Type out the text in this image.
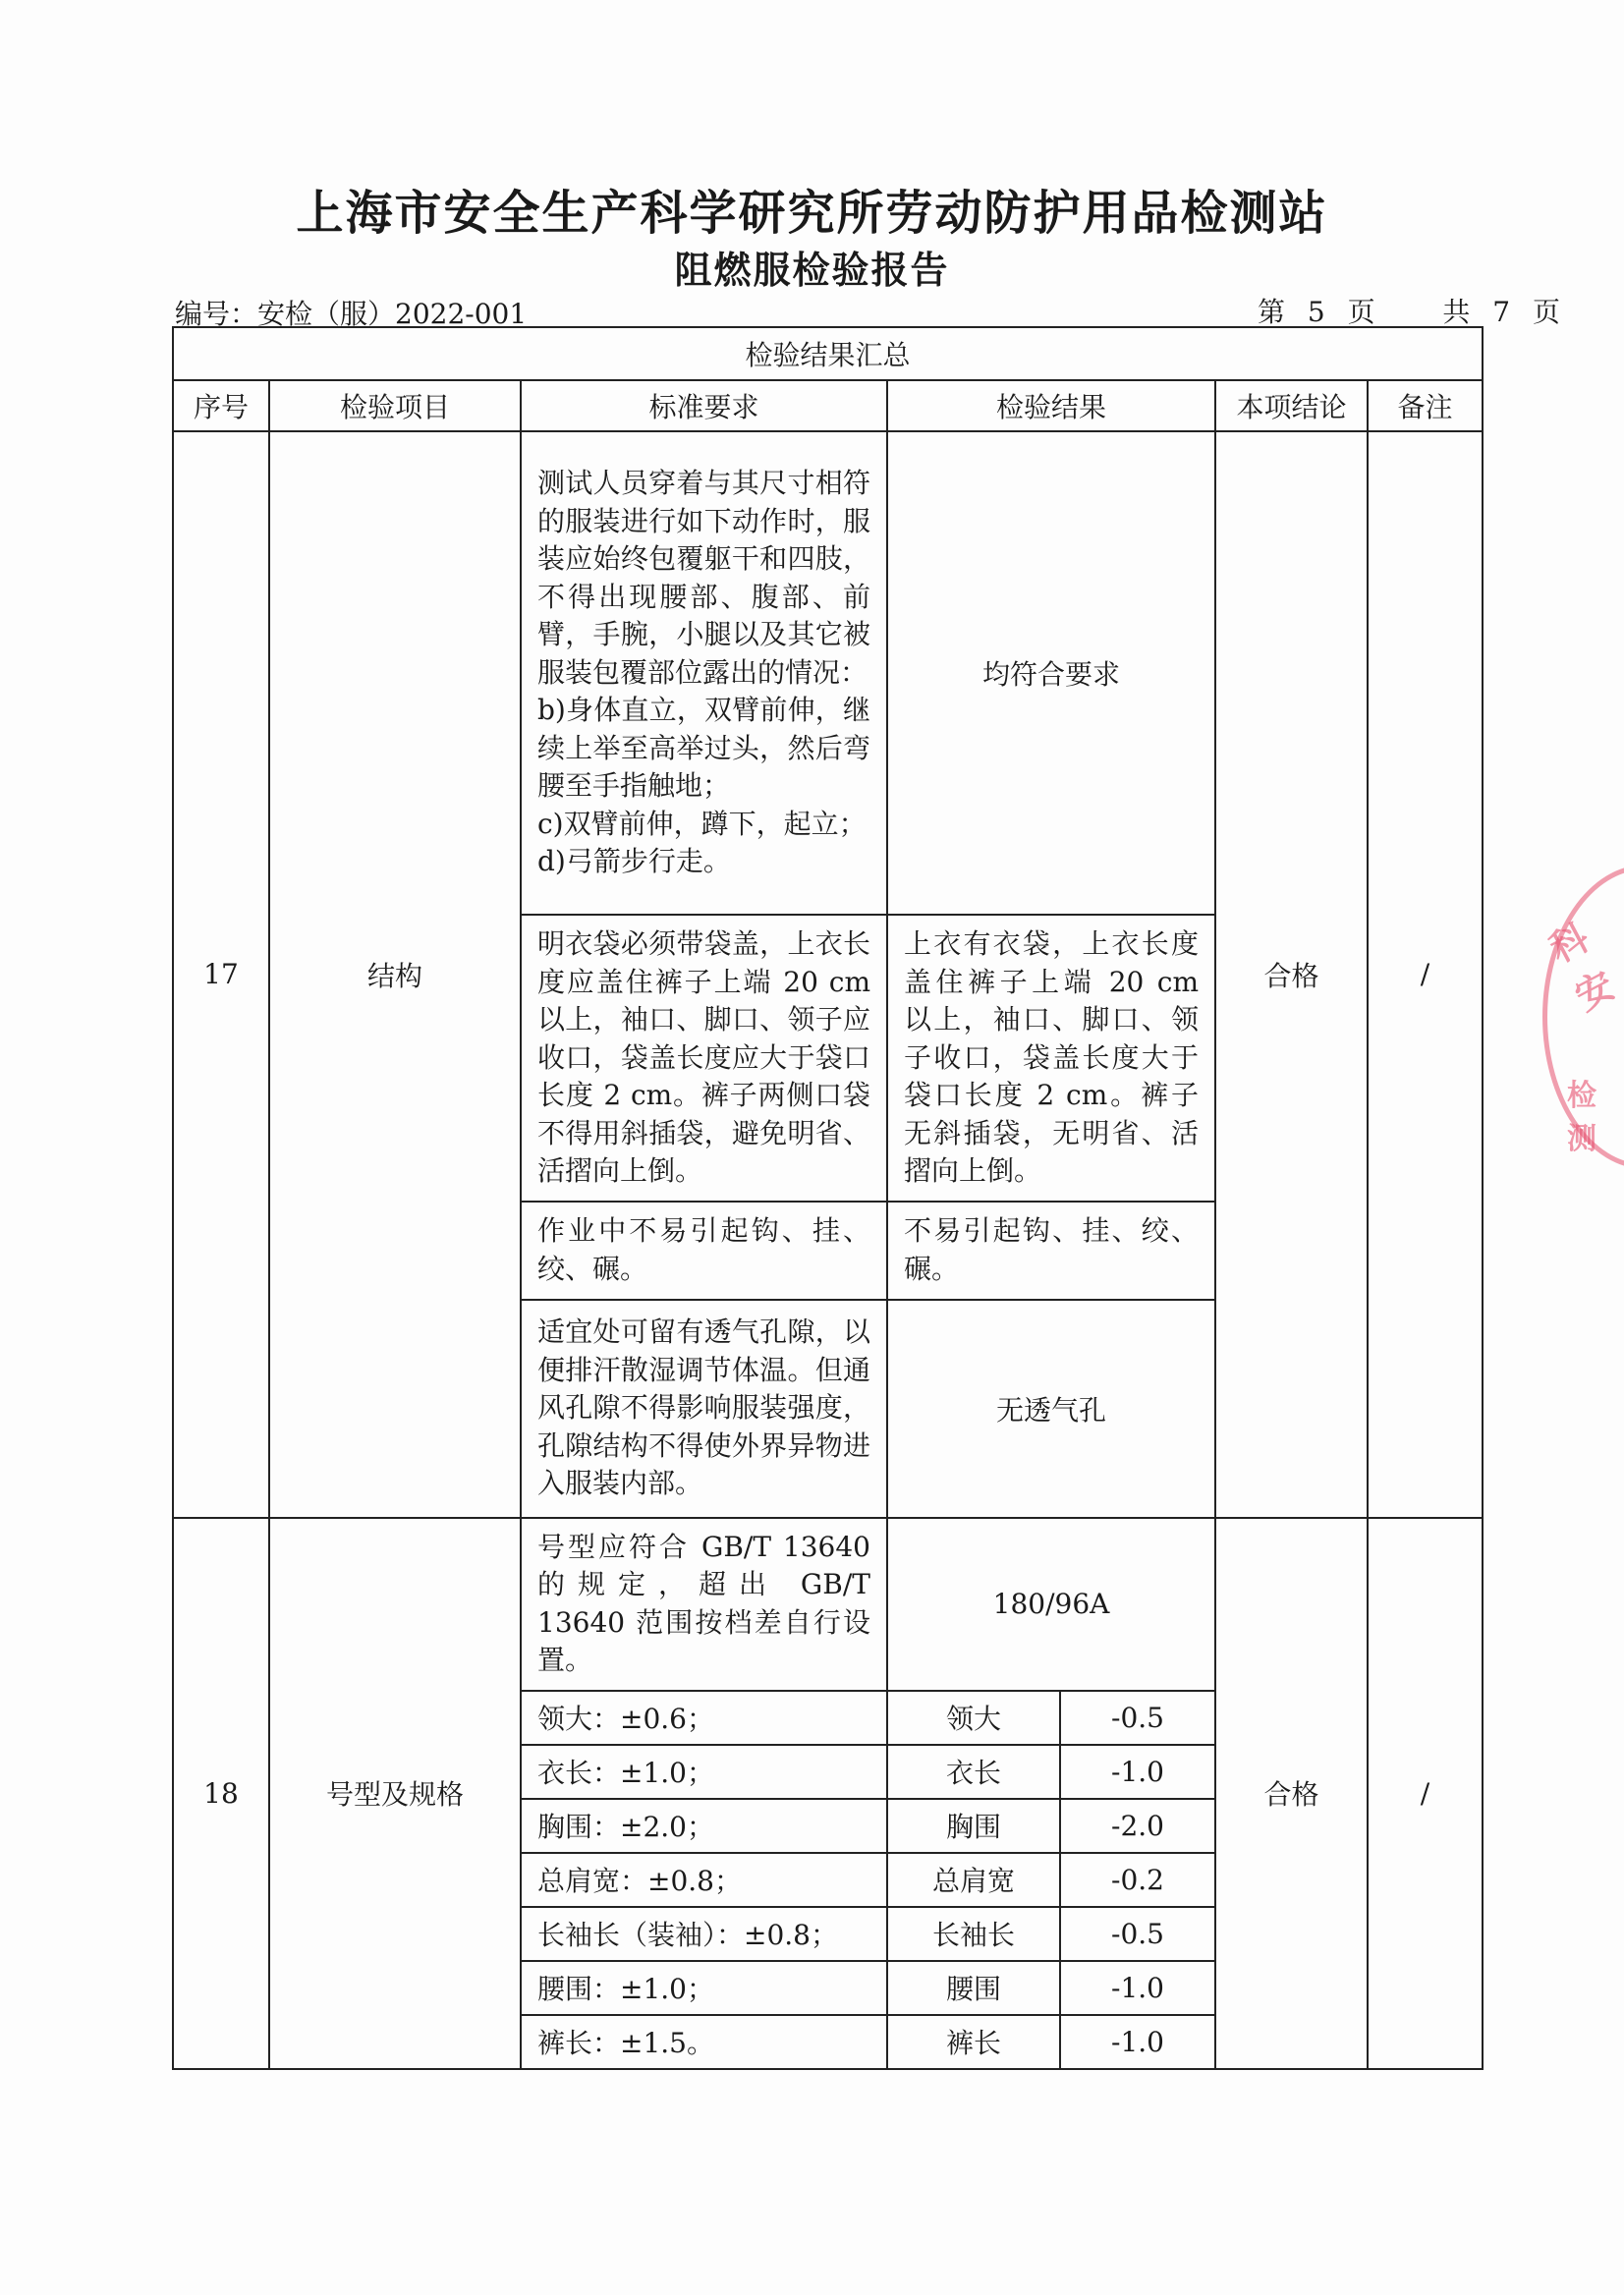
上海市安全生产科学研究所劳动防护用品检测站
阻燃服检验报告
编号：安检（服）2022-001	第 5 页 共 7 页
检验结果汇总						
序号	检验项目	标准要求	检验结果		本项结论	备注
17	结构	测试人员穿着与其尺寸相符的服装进行如下动作时，服装应始终包覆躯干和四肢，不得出现腰部、腹部、前臂，手腕，小腿以及其它被服装包覆部位露出的情况：
b)身体直立，双臂前伸，继续上举至高举过头，然后弯腰至手指触地；
c)双臂前伸，蹲下，起立；
d)弓箭步行走。	均符合要求		合格	/
		明衣袋必须带袋盖，上衣长度应盖住裤子上端 20 cm 以上，袖口、脚口、领子应收口，袋盖长度应大于袋口长度 2 cm。裤子两侧口袋不得用斜插袋，避免明省、活摺向上倒。	上衣有衣袋，上衣长度盖住裤子上端 20 cm 以上，袖口、脚口、领子收口，袋盖长度大于袋口长度 2 cm。裤子无斜插袋，无明省、活摺向上倒。			
		作业中不易引起钩、挂、绞、碾。	不易引起钩、挂、绞、碾。			
		适宜处可留有透气孔隙，以便排汗散湿调节体温。但通风孔隙不得影响服装强度，孔隙结构不得使外界异物进入服装内部。	无透气孔			
18	号型及规格	号型应符合 GB/T 13640 的规定，超出 GB/T 13640 范围按档差自行设置。	180/96A		合格	/
		领大：±0.6；	领大	-0.5		
		衣长：±1.0；	衣长	-1.0		
		胸围：±2.0；	胸围	-2.0		
		总肩宽：±0.8；	总肩宽	-0.2		
		长袖长（装袖）：±0.8；	长袖长	-0.5		
		腰围：±1.0；	腰围	-1.0		
		裤长：±1.5。	裤长	-1.0		
科安
检测
